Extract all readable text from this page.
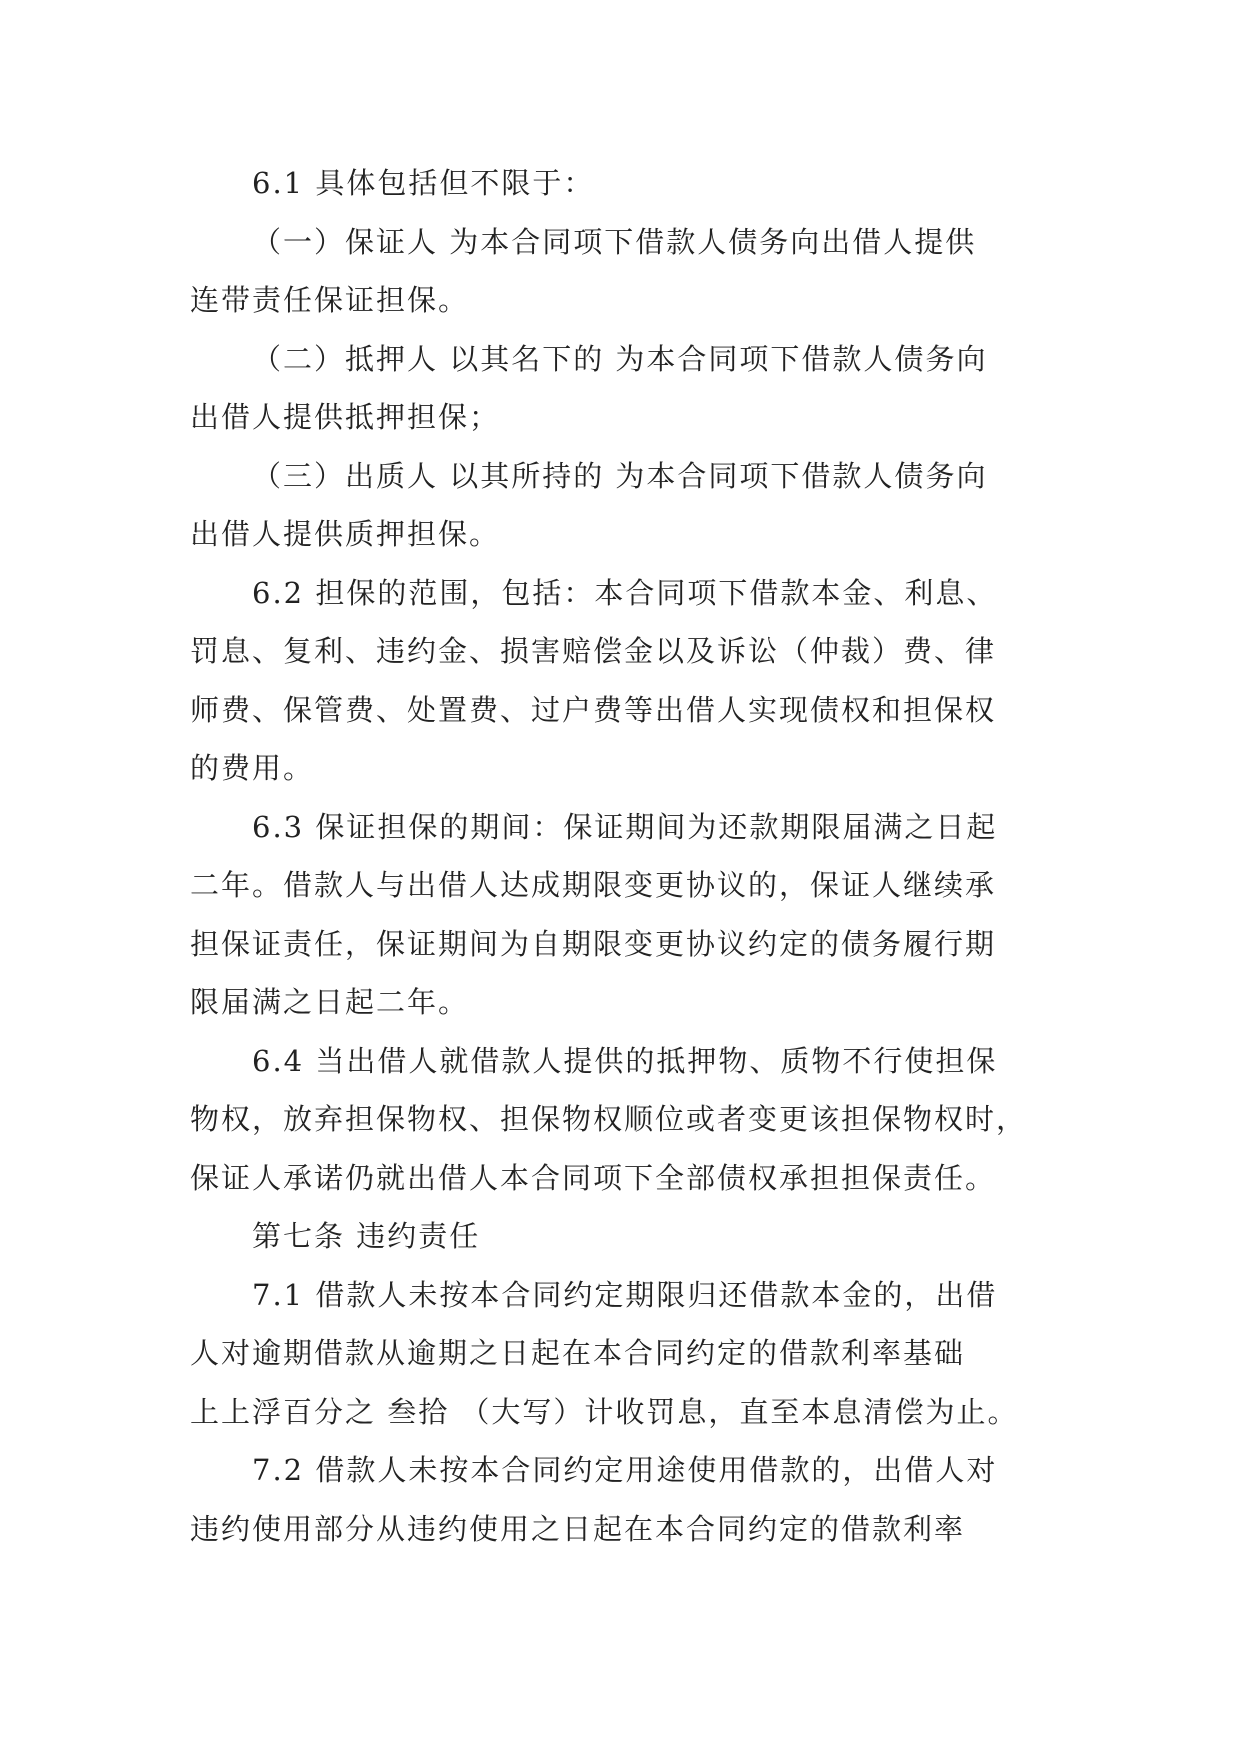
6.1 具体包括但不限于：
（一）保证人 为本合同项下借款人债务向出借人提供
连带责任保证担保。
（二）抵押人 以其名下的 为本合同项下借款人债务向
出借人提供抵押担保；
（三）出质人 以其所持的 为本合同项下借款人债务向
出借人提供质押担保。
6.2 担保的范围，包括：本合同项下借款本金、利息、
罚息、复利、违约金、损害赔偿金以及诉讼（仲裁）费、律
师费、保管费、处置费、过户费等出借人实现债权和担保权
的费用。
6.3 保证担保的期间：保证期间为还款期限届满之日起
二年。借款人与出借人达成期限变更协议的，保证人继续承
担保证责任，保证期间为自期限变更协议约定的债务履行期
限届满之日起二年。
6.4 当出借人就借款人提供的抵押物、质物不行使担保
物权，放弃担保物权、担保物权顺位或者变更该担保物权时，
保证人承诺仍就出借人本合同项下全部债权承担担保责任。
第七条 违约责任
7.1 借款人未按本合同约定期限归还借款本金的，出借
人对逾期借款从逾期之日起在本合同约定的借款利率基础
上上浮百分之 叁拾 （大写）计收罚息，直至本息清偿为止。
7.2 借款人未按本合同约定用途使用借款的，出借人对
违约使用部分从违约使用之日起在本合同约定的借款利率
